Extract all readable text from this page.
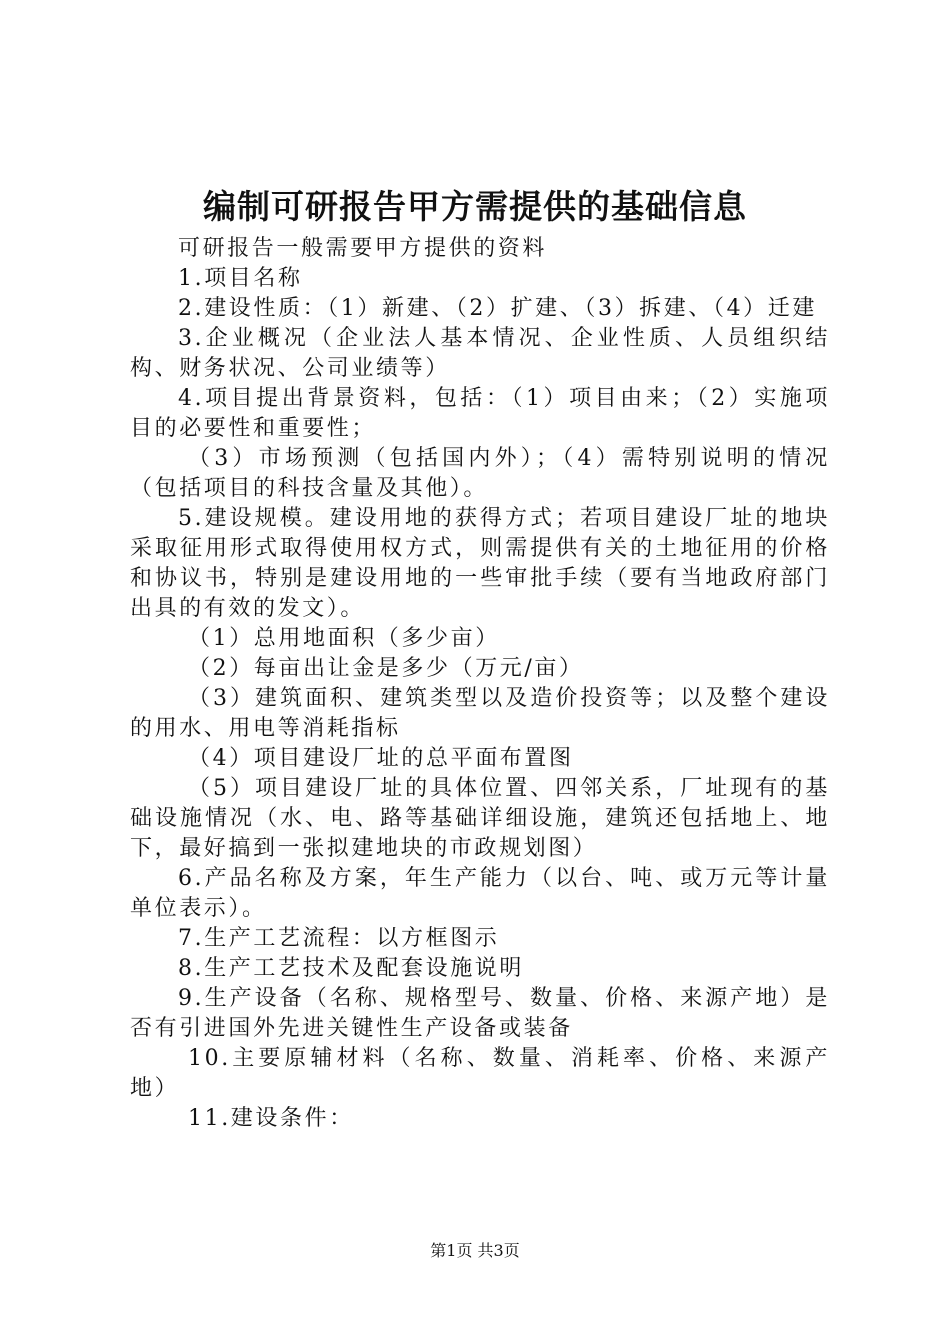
编制可研报告甲方需提供的基础信息

可研报告一般需要甲方提供的资料

1.项目名称

2.建设性质：（1）新建、（2）扩建、（3）拆建、（4）迁建

3.企业概况（企业法人基本情况、企业性质、人员组织结构、财务状况、公司业绩等）

4.项目提出背景资料，包括：（1）项目由来；（2）实施项目的必要性和重要性；

（3）市场预测（包括国内外）；（4）需特别说明的情况（包括项目的科技含量及其他）。

5.建设规模。建设用地的获得方式；若项目建设厂址的地块采取征用形式取得使用权方式，则需提供有关的土地征用的价格和协议书，特别是建设用地的一些审批手续（要有当地政府部门出具的有效的发文）。

（1）总用地面积（多少亩）

（2）每亩出让金是多少（万元/亩）

（3）建筑面积、建筑类型以及造价投资等；以及整个建设的用水、用电等消耗指标

（4）项目建设厂址的总平面布置图

（5）项目建设厂址的具体位置、四邻关系，厂址现有的基础设施情况（水、电、路等基础详细设施，建筑还包括地上、地下，最好搞到一张拟建地块的市政规划图）

6.产品名称及方案，年生产能力（以台、吨、或万元等计量单位表示）。

7.生产工艺流程：以方框图示

8.生产工艺技术及配套设施说明

9.生产设备（名称、规格型号、数量、价格、来源产地）是否有引进国外先进关键性生产设备或装备

10.主要原辅材料（名称、数量、消耗率、价格、来源产地）

11.建设条件：

第1页 共3页
